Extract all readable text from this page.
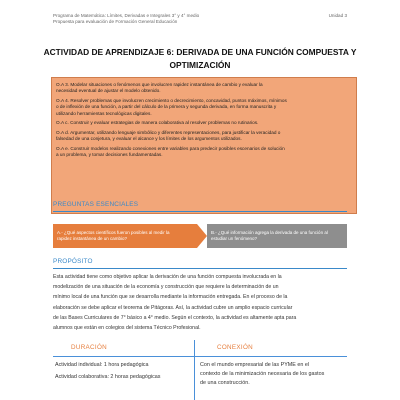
Programa de Matemática: Límites, Derivadas e Integrales 3° y 4° medio
Propuesta para evaluación de Formación General Educación
Unidad 3
ACTIVIDAD DE APRENDIZAJE 6: DERIVADA DE UNA FUNCIÓN COMPUESTA Y
OPTIMIZACIÓN
O.A 3. Modelar situaciones o fenómenos que involucren rapidez instantánea de cambio y evaluar la
necesidad eventual de ajustar el modelo obtenido.
O.A 4. Resolver problemas que involucren crecimiento o decrecimiento, concavidad, puntos máximos, mínimos
o de inflexión de una función, a partir del cálculo de la primera y segunda derivada, en forma manuscrita y
utilizando herramientas tecnológicas digitales.
O.A c. Construir y evaluar estrategias de manera colaborativa al resolver problemas no rutinarios.
O.A d. Argumentar, utilizando lenguaje simbólico y diferentes representaciones, para justificar la veracidad o
falsedad de una conjetura, y evaluar el alcance y los límites de los argumentos utilizados.
O.A e. Construir modelos realizando conexiones entre variables para predecir posibles escenarios de solución
a un problema, y tomar decisiones fundamentadas.
PREGUNTAS ESENCIALES
A.- ¿Qué aspectos científicos fueron posibles al medir la
rapidez instantánea de un cambio?
B.- ¿Qué información agrega la derivada de una función al
estudiar un fenómeno?
PROPÓSITO
Esta actividad tiene como objetivo aplicar la derivación de una función compuesta involucrada en la
modelización de una situación de la economía y construcción que requiere la determinación de un
mínimo local de una función que se desarrolla mediante la información entregada. En el proceso de la
elaboración se debe aplicar el teorema de Pitágoras. Así, la actividad cubre un amplio espacio curricular
de las Bases Curriculares de 7° básico a 4° medio. Según el contexto, la actividad es altamente apta para
alumnos que están en colegios del sistema Técnico Profesional.
DURACIÓN	CONEXIÓN
Actividad individual: 1 hora pedagógica
Actividad colaborativa: 2 horas pedagógicas
Con el mundo empresarial de las PYME en el
contexto de la minimización necesaria de los gastos
de una construcción.
